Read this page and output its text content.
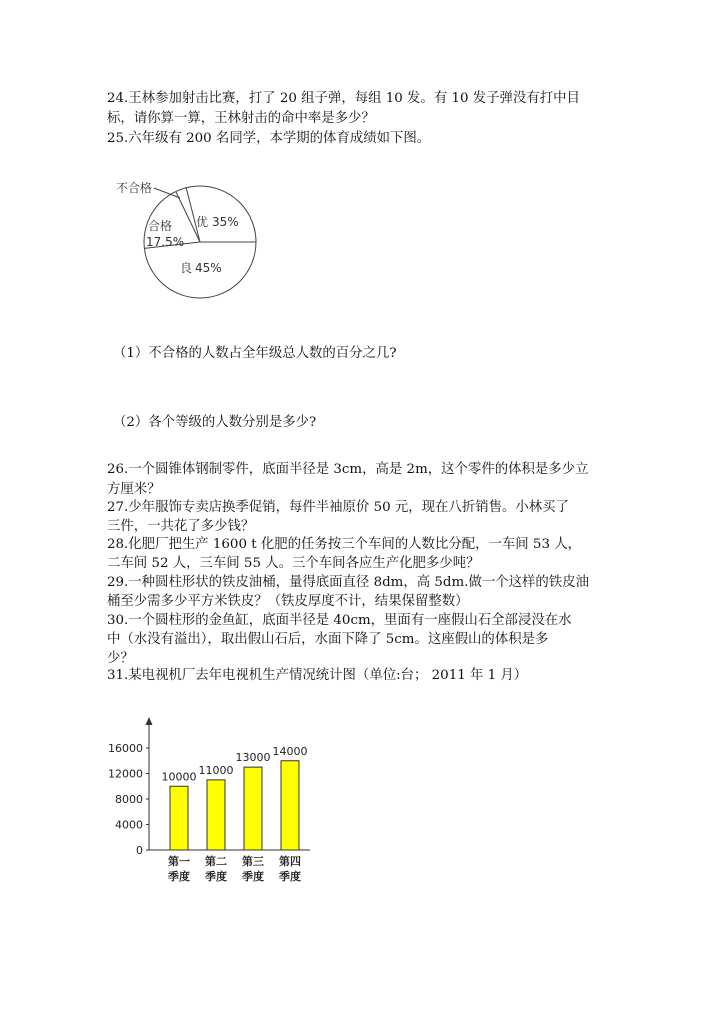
24.王林参加射击比赛，打了 20 组子弹，每组 10 发。有 10 发子弹没有打中目
标，请你算一算，王林射击的命中率是多少？
25.六年级有 200 名同学，本学期的体育成绩如下图。
不合格
优 35%
合格
17.5%
良 45%
（1）不合格的人数占全年级总人数的百分之几?
（2）各个等级的人数分别是多少?
26.一个圆锥体钢制零件，底面半径是 3cm，高是 2m，这个零件的体积是多少立
方厘米？
27.少年服饰专卖店换季促销，每件半袖原价 50 元，现在八折销售。小林买了
三件，一共花了多少钱？
28.化肥厂把生产 1600 t 化肥的任务按三个车间的人数比分配，一车间 53 人，
二车间 52 人，三车间 55 人。三个车间各应生产化肥多少吨？
29.一种圆柱形状的铁皮油桶，量得底面直径 8dm，高 5dm.做一个这样的铁皮油
桶至少需多少平方米铁皮？（铁皮厚度不计，结果保留整数）
30.一个圆柱形的金鱼缸，底面半径是 40cm，里面有一座假山石全部浸没在水
中（水没有溢出），取出假山石后，水面下降了 5cm。这座假山的体积是多
少？
31.某电视机厂去年电视机生产情况统计图（单位:台； 2011 年 1 月）
0
4000
8000
12000
16000
10000
第一
季度
11000
第二
季度
13000
第三
季度
14000
第四
季度
